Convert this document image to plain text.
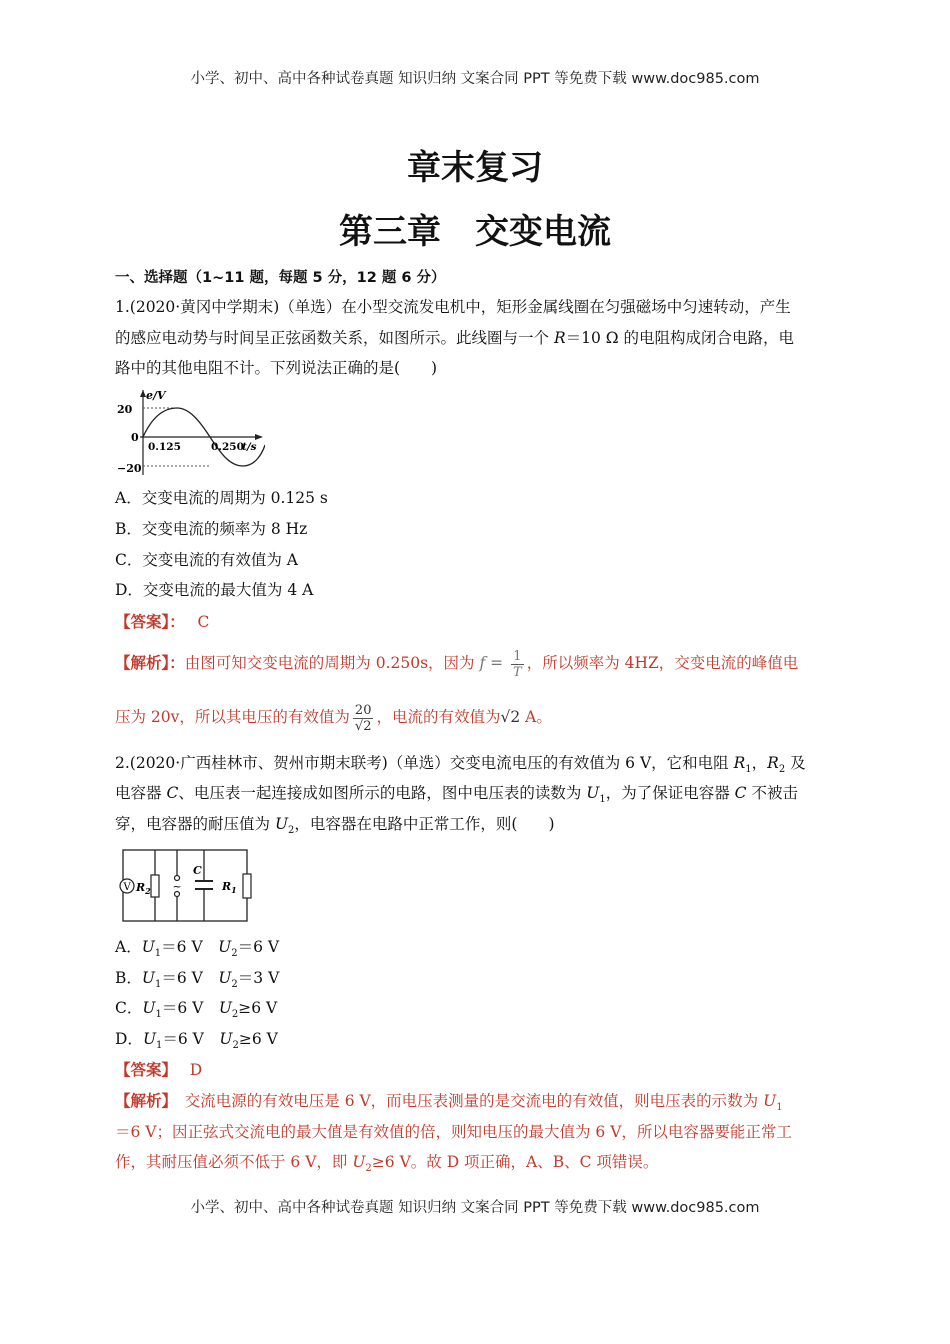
小学、初中、高中各种试卷真题 知识归纳 文案合同 PPT 等免费下载 www.doc985.com
章末复习
第三章　交变电流
一、选择题（1~11 题，每题 5 分，12 题 6 分）
1.(2020·黄冈中学期末)（单选）在小型交流发电机中，矩形金属线圈在匀强磁场中匀速转动，产生
的感应电动势与时间呈正弦函数关系，如图所示。此线圈与一个 R＝10 Ω 的电阻构成闭合电路，电
路中的其他电阻不计。下列说法正确的是(　　)
20
0
−20
e/V
0.125	0.250
t/s
A．交变电流的周期为 0.125 s
B．交变电流的频率为 8 Hz
C．交变电流的有效值为 A
D．交变电流的最大值为 4 A
【答案】：　 C
【解析】：由图可知交变电流的周期为 0.250s，因为 $f = \frac{1}{T}$ ，所以频率为 4HZ，交变电流的峰值电
压为 20v，所以其电压的有效值为 $\frac{20}{√2}$ ，电流的有效值为√2 A。
2.(2020·广西桂林市、贺州市期末联考)（单选）交变电流电压的有效值为 6 V，它和电阻 $R_1$，$R_2$ 及
电容器 C、电压表一起连接成如图所示的电路，图中电压表的读数为 $U_1$，为了保证电容器 C 不被击
穿，电容器的耐压值为 $U_2$，电容器在电路中正常工作，则(　　)
V $R_2$ ~
C
$R_1$
A．$U_1=6$ V　$U_2=6$ V
B．$U_1=6$ V　$U_2=3$ V
C．$U_1=6$ V　$U_2\ge 6$ V
D．$U_1=6$ V　$U_2\ge 6$ V
【答案】　 D
【解析】　交流电源的有效电压是 6 V，而电压表测量的是交流电的有效值，则电压表的示数为 $U_1$
＝6 V；因正弦式交流电的最大值是有效值的倍，则知电压的最大值为 6 V，所以电容器要能正常工
作，其耐压值必须不低于 6 V，即 $U_2\ge 6$ V。故 D 项正确，A、B、C 项错误。
小学、初中、高中各种试卷真题 知识归纳 文案合同 PPT 等免费下载 www.doc985.com
